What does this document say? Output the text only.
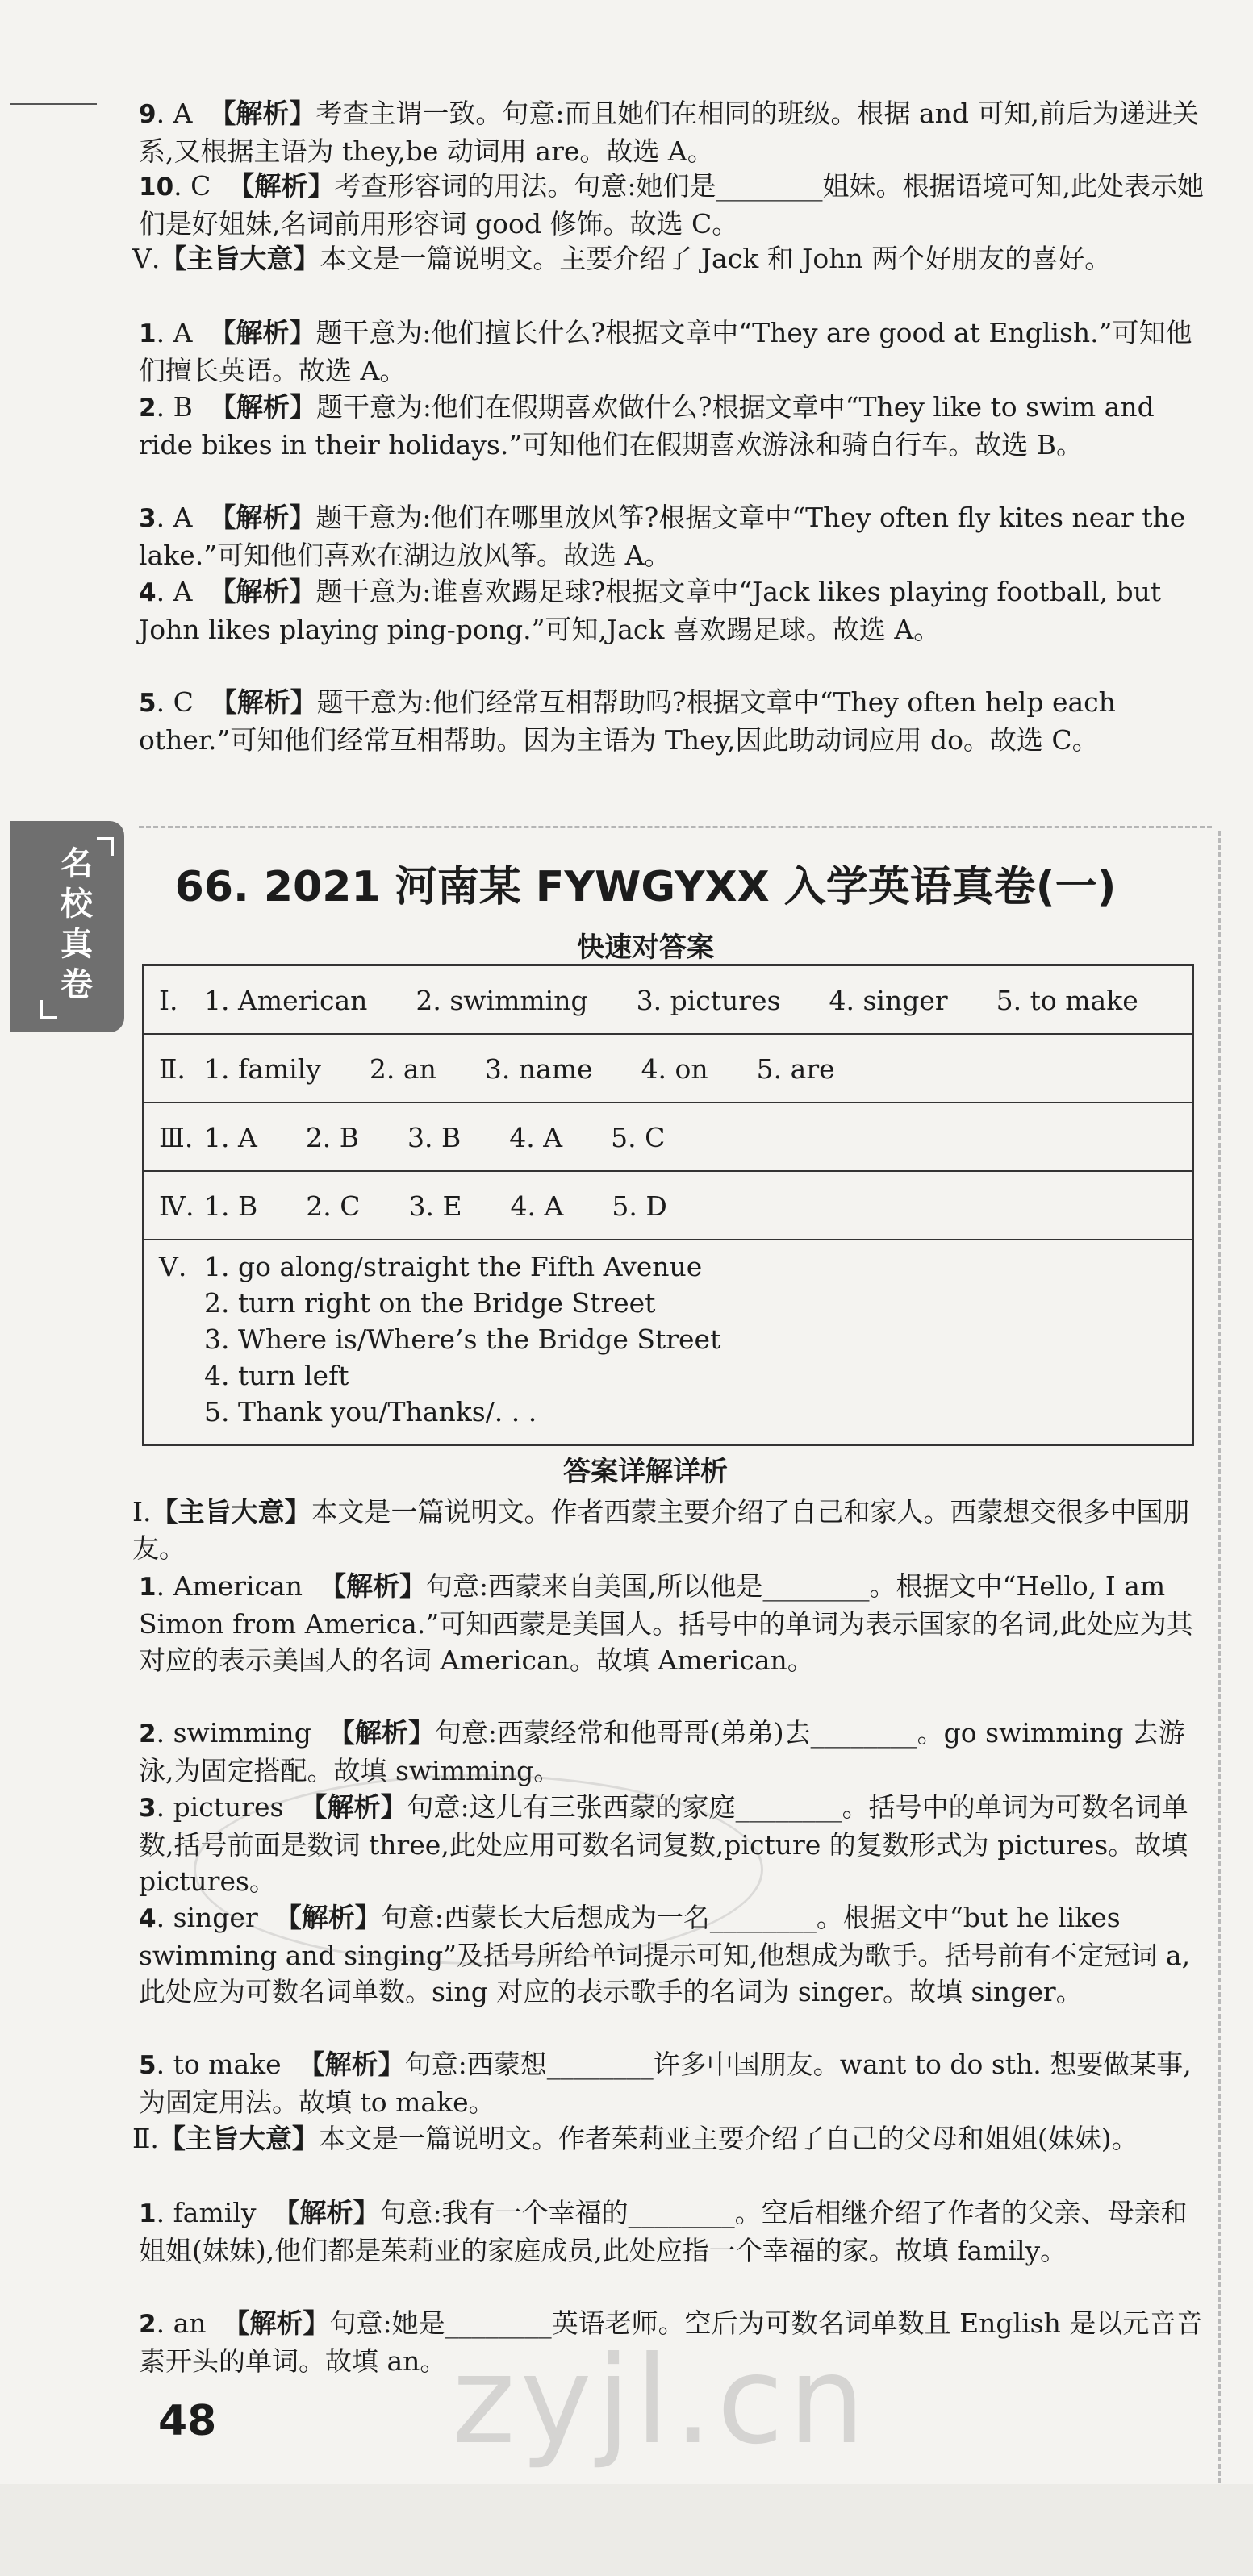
9. A 【解析】考查主谓一致。句意:而且她们在相同的班级。根据 and 可知,前后为递进关系,又根据主语为 they,be 动词用 are。故选 A。

10. C 【解析】考查形容词的用法。句意:她们是________姐妹。根据语境可知,此处表示她们是好姐妹,名词前用形容词 good 修饰。故选 C。

Ⅴ.【主旨大意】本文是一篇说明文。主要介绍了 Jack 和 John 两个好朋友的喜好。

1. A 【解析】题干意为:他们擅长什么?根据文章中“They are good at English.”可知他们擅长英语。故选 A。

2. B 【解析】题干意为:他们在假期喜欢做什么?根据文章中“They like to swim and ride bikes in their holidays.”可知他们在假期喜欢游泳和骑自行车。故选 B。

3. A 【解析】题干意为:他们在哪里放风筝?根据文章中“They often fly kites near the lake.”可知他们喜欢在湖边放风筝。故选 A。

4. A 【解析】题干意为:谁喜欢踢足球?根据文章中“Jack likes playing football, but John likes playing ping-pong.”可知,Jack 喜欢踢足球。故选 A。

5. C 【解析】题干意为:他们经常互相帮助吗?根据文章中“They often help each other.”可知他们经常互相帮助。因为主语为 They,因此助动词应用 do。故选 C。

名校真卷
66. 2021 河南某 FYWGYXX 入学英语真卷(一)
快速对答案
Ⅰ. 1. American 2. swimming 3. pictures 4. singer 5. to make
Ⅱ. 1. family 2. an 3. name 4. on 5. are
Ⅲ. 1. A 2. B 3. B 4. A 5. C
Ⅳ. 1. B 2. C 3. E 4. A 5. D
Ⅴ. 1. go along/straight the Fifth Avenue
2. turn right on the Bridge Street
3. Where is/Where’s the Bridge Street
4. turn left
5. Thank you/Thanks/. . .
答案详解详析

Ⅰ.【主旨大意】本文是一篇说明文。作者西蒙主要介绍了自己和家人。西蒙想交很多中国朋友。

1. American 【解析】句意:西蒙来自美国,所以他是________。根据文中“Hello, I am Simon from America.”可知西蒙是美国人。括号中的单词为表示国家的名词,此处应为其对应的表示美国人的名词 American。故填 American。

2. swimming 【解析】句意:西蒙经常和他哥哥(弟弟)去________。go swimming 去游泳,为固定搭配。故填 swimming。

3. pictures 【解析】句意:这儿有三张西蒙的家庭________。括号中的单词为可数名词单数,括号前面是数词 three,此处应用可数名词复数,picture 的复数形式为 pictures。故填 pictures。

4. singer 【解析】句意:西蒙长大后想成为一名________。根据文中“but he likes swimming and singing”及括号所给单词提示可知,他想成为歌手。括号前有不定冠词 a,此处应为可数名词单数。sing 对应的表示歌手的名词为 singer。故填 singer。

5. to make 【解析】句意:西蒙想________许多中国朋友。want to do sth. 想要做某事,为固定用法。故填 to make。

Ⅱ.【主旨大意】本文是一篇说明文。作者茱莉亚主要介绍了自己的父母和姐姐(妹妹)。

1. family 【解析】句意:我有一个幸福的________。空后相继介绍了作者的父亲、母亲和姐姐(妹妹),他们都是茱莉亚的家庭成员,此处应指一个幸福的家。故填 family。

2. an 【解析】句意:她是________英语老师。空后为可数名词单数且 English 是以元音音素开头的单词。故填 an。 zyjl.cn
48
